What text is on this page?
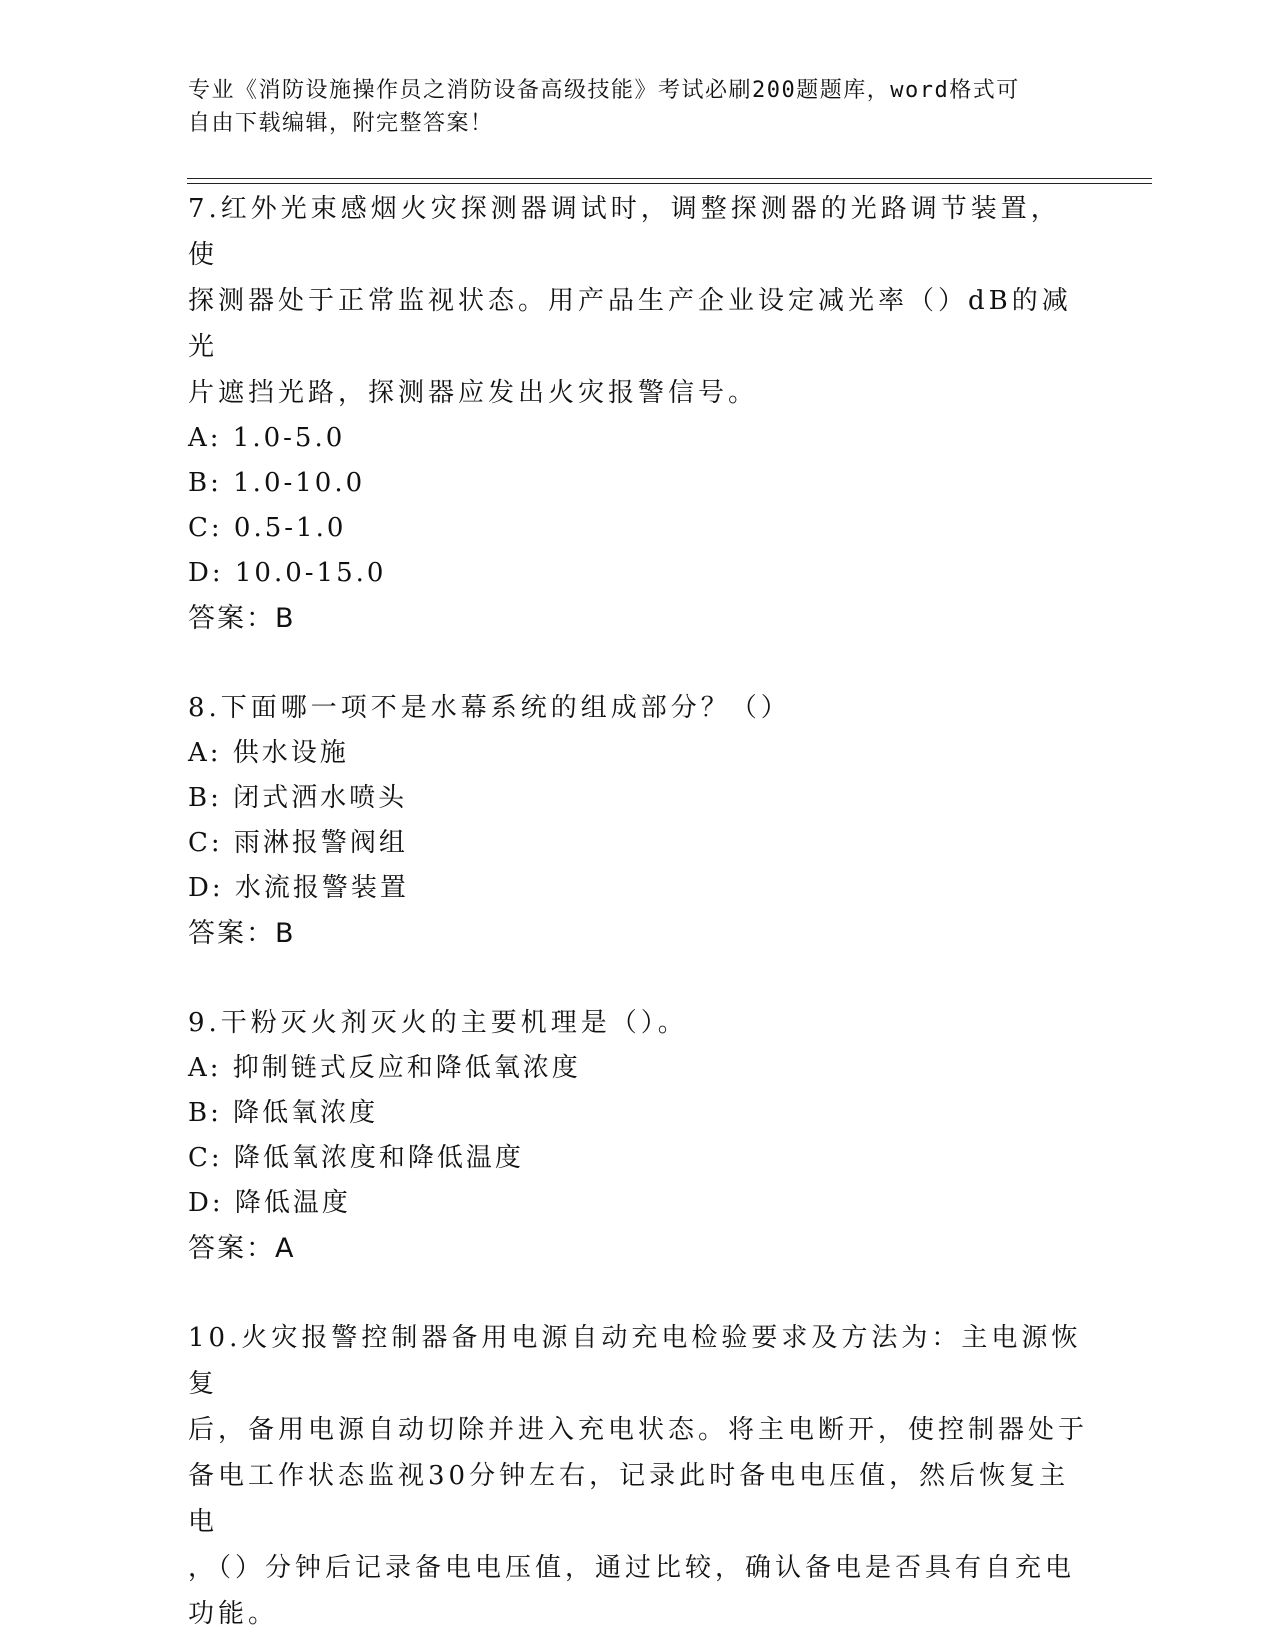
专业《消防设施操作员之消防设备高级技能》考试必刷200题题库，word格式可
自由下载编辑，附完整答案！

7.红外光束感烟火灾探测器调试时，调整探测器的光路调节装置，使

探测器处于正常监视状态。用产品生产企业设定减光率（）dB的减光

片遮挡光路，探测器应发出火灾报警信号。

A: 1.0-5.0

B: 1.0-10.0

C: 0.5-1.0

D: 10.0-15.0

答案：B

8.下面哪一项不是水幕系统的组成部分？（）

A: 供水设施

B: 闭式洒水喷头

C: 雨淋报警阀组

D: 水流报警装置

答案：B

9.干粉灭火剂灭火的主要机理是（）。

A: 抑制链式反应和降低氧浓度

B: 降低氧浓度

C: 降低氧浓度和降低温度

D: 降低温度

答案：A

10.火灾报警控制器备用电源自动充电检验要求及方法为：主电源恢复

后，备用电源自动切除并进入充电状态。将主电断开，使控制器处于

备电工作状态监视30分钟左右，记录此时备电电压值，然后恢复主电

，（）分钟后记录备电电压值，通过比较，确认备电是否具有自充电

功能。
